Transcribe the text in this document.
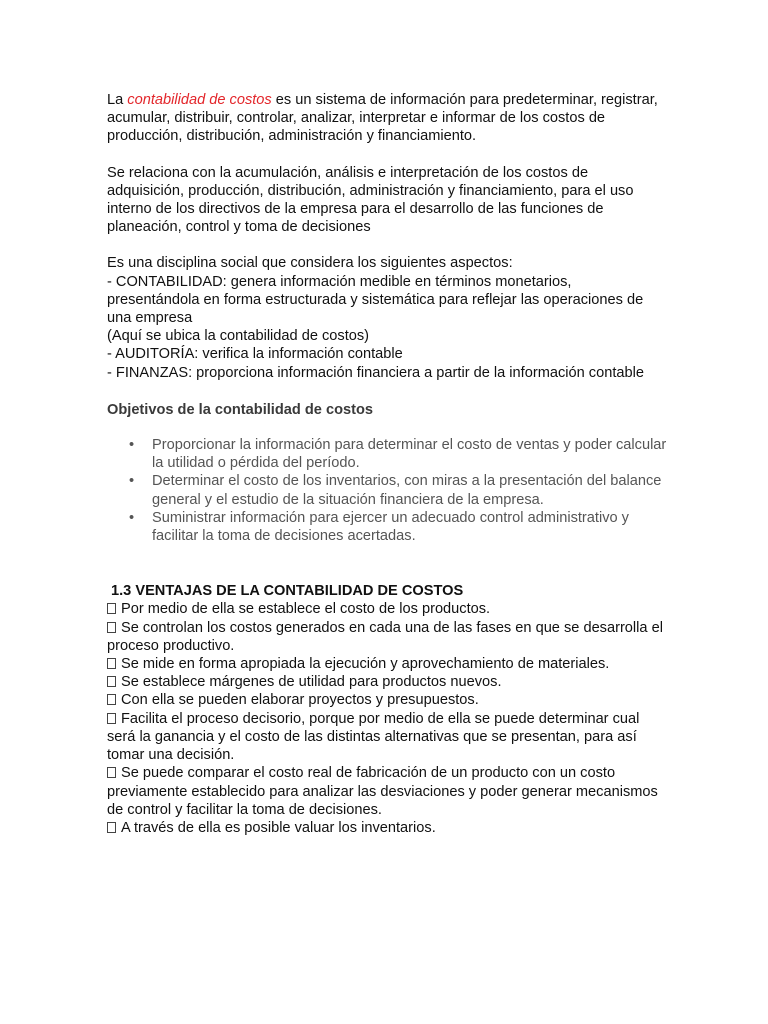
La contabilidad de costos es un sistema de información para predeterminar, registrar, acumular, distribuir, controlar, analizar, interpretar e informar de los costos de producción, distribución, administración y financiamiento.

Se relaciona con la acumulación, análisis e interpretación de los costos de adquisición, producción, distribución, administración y financiamiento, para el uso interno de los directivos de la empresa para el desarrollo de las funciones de planeación, control y toma de decisiones

Es una disciplina social que considera los siguientes aspectos:
- CONTABILIDAD: genera información medible en términos monetarios, presentándola en forma estructurada y sistemática para reflejar las operaciones de una empresa
(Aquí se ubica la contabilidad de costos)
- AUDITORÍA: verifica la información contable
- FINANZAS: proporciona información financiera a partir de la información contable

Objetivos de la contabilidad de costos

• Proporcionar la información para determinar el costo de ventas y poder calcular la utilidad o pérdida del período.
• Determinar el costo de los inventarios, con miras a la presentación del balance general y el estudio de la situación financiera de la empresa.
• Suministrar información para ejercer un adecuado control administrativo y facilitar la toma de decisiones acertadas.

1.3 VENTAJAS DE LA CONTABILIDAD DE COSTOS

Por medio de ella se establece el costo de los productos.

Se controlan los costos generados en cada una de las fases en que se desarrolla el proceso productivo.

Se mide en forma apropiada la ejecución y aprovechamiento de materiales.

Se establece márgenes de utilidad para productos nuevos.

Con ella se pueden elaborar proyectos y presupuestos.

Facilita el proceso decisorio, porque por medio de ella se puede determinar cual será la ganancia y el costo de las distintas alternativas que se presentan, para así tomar una decisión.

Se puede comparar el costo real de fabricación de un producto con un costo previamente establecido para analizar las desviaciones y poder generar mecanismos de control y facilitar la toma de decisiones.

A través de ella es posible valuar los inventarios.
